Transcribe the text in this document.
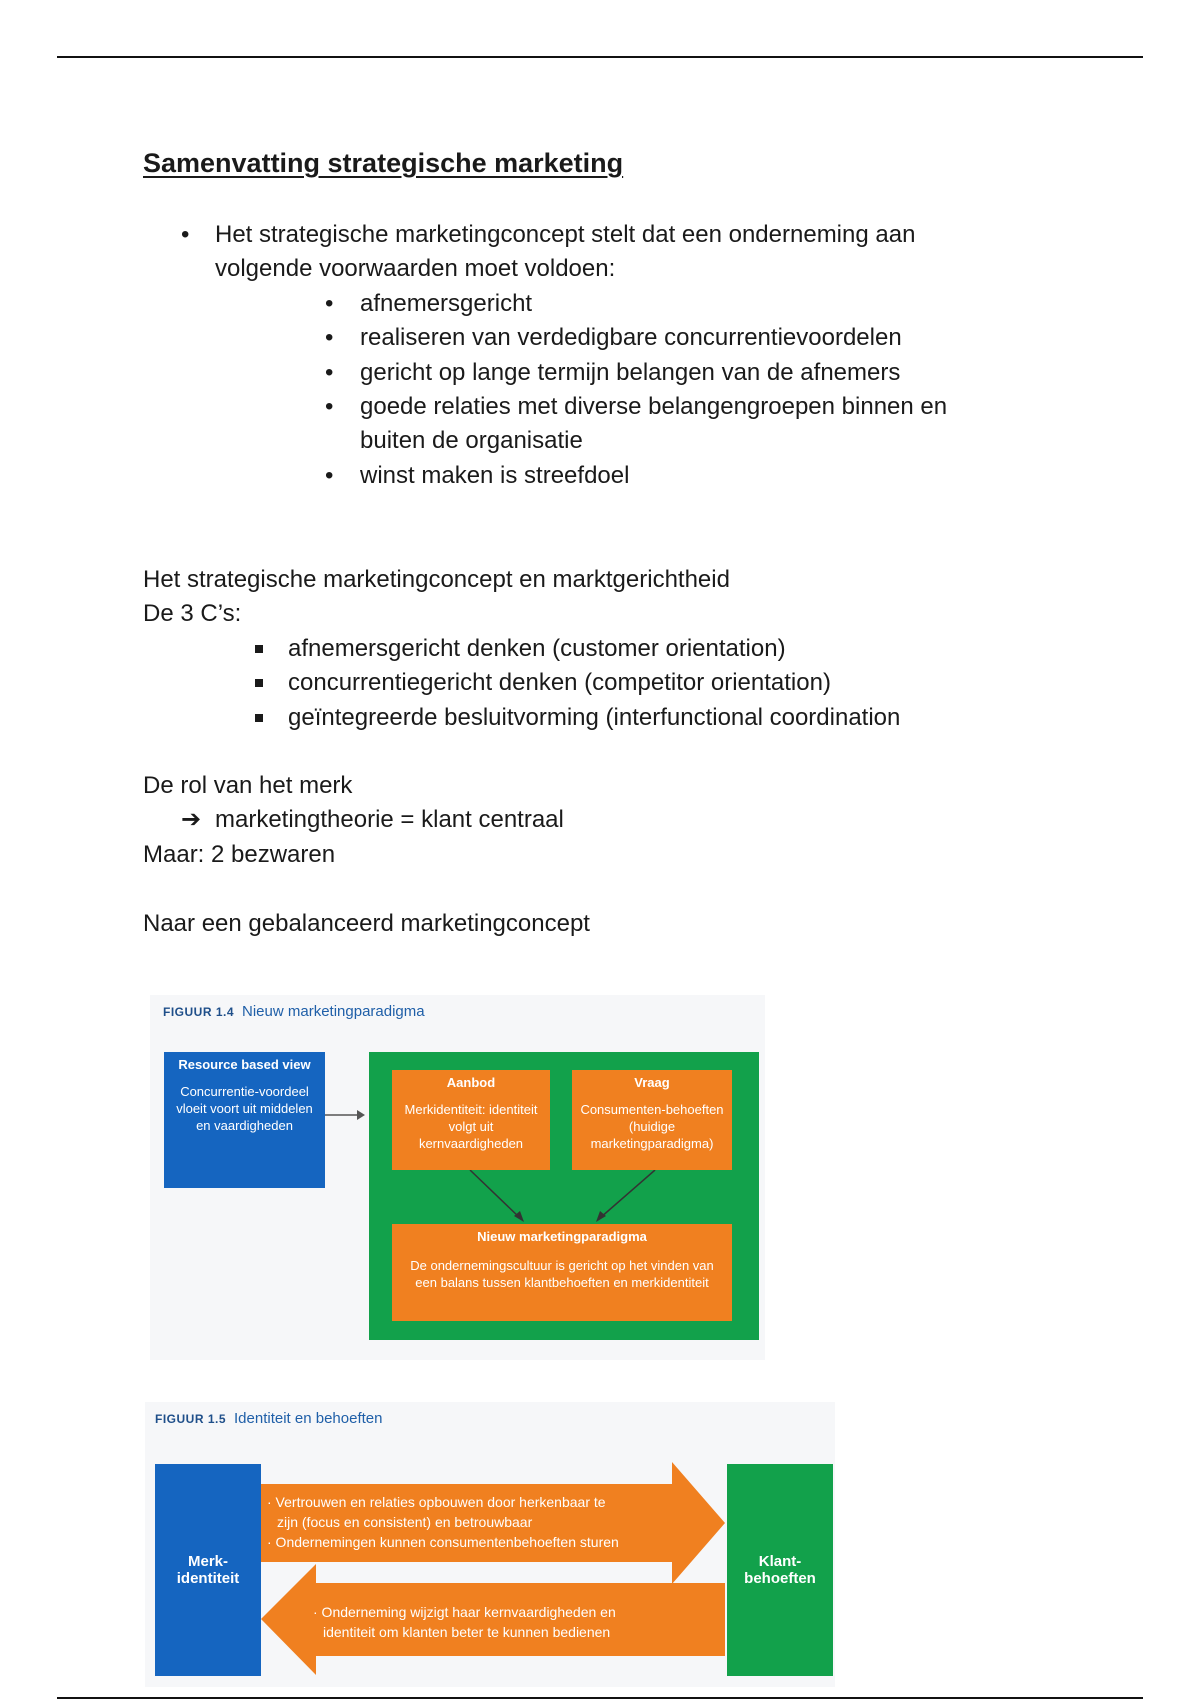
Samenvatting strategische marketing
• Het strategische marketingconcept stelt dat een onderneming aan
volgende voorwaarden moet voldoen:
• afnemersgericht
• realiseren van verdedigbare concurrentievoordelen
• gericht op lange termijn belangen van de afnemers
• goede relaties met diverse belangengroepen binnen en
buiten de organisatie
• winst maken is streefdoel
Het strategische marketingconcept en marktgerichtheid
De 3 C’s:
afnemersgericht denken (customer orientation)
concurrentiegericht denken (competitor orientation)
geïntegreerde besluitvorming (interfunctional coordination
De rol van het merk
➔ marketingtheorie = klant centraal
Maar: 2 bezwaren
Naar een gebalanceerd marketingconcept
FIGUUR 1.4 Nieuw marketingparadigma
Resource based view
Concurrentie-voordeel vloeit voort uit middelen en vaardigheden
Aanbod
Merkidentiteit: identiteit volgt uit kernvaardigheden
Vraag
Consumenten-behoeften (huidige marketingparadigma)
Nieuw marketingparadigma
De ondernemingscultuur is gericht op het vinden van een balans tussen klantbehoeften en merkidentiteit
FIGUUR 1.5 Identiteit en behoeften
Merk-identiteit
Klant-behoeften
· Vertrouwen en relaties opbouwen door herkenbaar te
zijn (focus en consistent) en betrouwbaar
· Ondernemingen kunnen consumentenbehoeften sturen
· Onderneming wijzigt haar kernvaardigheden en
identiteit om klanten beter te kunnen bedienen
